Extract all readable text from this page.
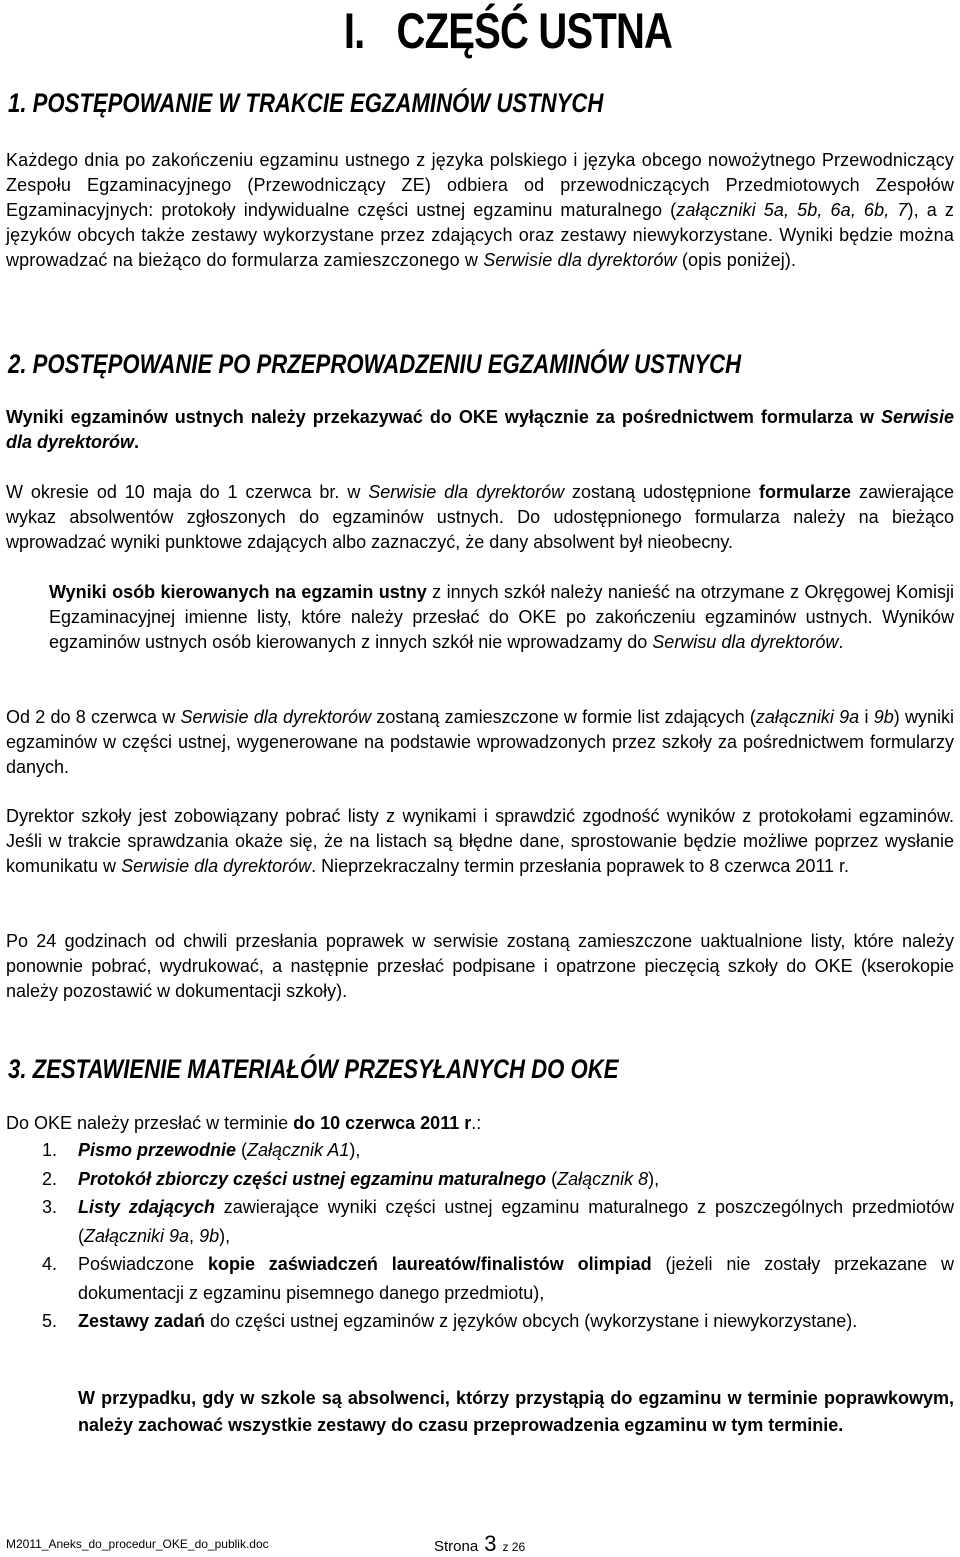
I. CZĘŚĆ USTNA
1. POSTĘPOWANIE W TRAKCIE EGZAMINÓW USTNYCH

Każdego dnia po zakończeniu egzaminu ustnego z języka polskiego i języka obcego nowożytnego Przewodniczący Zespołu Egzaminacyjnego (Przewodniczący ZE) odbiera od przewodniczących Przedmiotowych Zespołów Egzaminacyjnych: protokoły indywidualne części ustnej egzaminu maturalnego (załączniki 5a, 5b, 6a, 6b, 7), a z języków obcych także zestawy wykorzystane przez zdających oraz zestawy niewykorzystane. Wyniki będzie można wprowadzać na bieżąco do formularza zamieszczonego w Serwisie dla dyrektorów (opis poniżej).

2. POSTĘPOWANIE PO PRZEPROWADZENIU EGZAMINÓW USTNYCH

Wyniki egzaminów ustnych należy przekazywać do OKE wyłącznie za pośrednictwem formularza w Serwisie dla dyrektorów.

W okresie od 10 maja do 1 czerwca br. w Serwisie dla dyrektorów zostaną udostępnione formularze zawierające wykaz absolwentów zgłoszonych do egzaminów ustnych. Do udostępnionego formularza należy na bieżąco wprowadzać wyniki punktowe zdających albo zaznaczyć, że dany absolwent był nieobecny.

Wyniki osób kierowanych na egzamin ustny z innych szkół należy nanieść na otrzymane z Okręgowej Komisji Egzaminacyjnej imienne listy, które należy przesłać do OKE po zakończeniu egzaminów ustnych. Wyników egzaminów ustnych osób kierowanych z innych szkół nie wprowadzamy do Serwisu dla dyrektorów.

Od 2 do 8 czerwca w Serwisie dla dyrektorów zostaną zamieszczone w formie list zdających (załączniki 9a i 9b) wyniki egzaminów w części ustnej, wygenerowane na podstawie wprowadzonych przez szkoły za pośrednictwem formularzy danych.

Dyrektor szkoły jest zobowiązany pobrać listy z wynikami i sprawdzić zgodność wyników z protokołami egzaminów. Jeśli w trakcie sprawdzania okaże się, że na listach są błędne dane, sprostowanie będzie możliwe poprzez wysłanie komunikatu w Serwisie dla dyrektorów. Nieprzekraczalny termin przesłania poprawek to 8 czerwca 2011 r.

Po 24 godzinach od chwili przesłania poprawek w serwisie zostaną zamieszczone uaktualnione listy, które należy ponownie pobrać, wydrukować, a następnie przesłać podpisane i opatrzone pieczęcią szkoły do OKE (kserokopie należy pozostawić w dokumentacji szkoły).

3. ZESTAWIENIE MATERIAŁÓW PRZESYŁANYCH DO OKE

Do OKE należy przesłać w terminie do 10 czerwca 2011 r.:

1. Pismo przewodnie (Załącznik A1),
2. Protokół zbiorczy części ustnej egzaminu maturalnego (Załącznik 8),
3. Listy zdających zawierające wyniki części ustnej egzaminu maturalnego z poszczególnych przedmiotów (Załączniki 9a, 9b),
4. Poświadczone kopie zaświadczeń laureatów/finalistów olimpiad (jeżeli nie zostały przekazane w dokumentacji z egzaminu pisemnego danego przedmiotu),
5. Zestawy zadań do części ustnej egzaminów z języków obcych (wykorzystane i niewykorzystane).

W przypadku, gdy w szkole są absolwenci, którzy przystąpią do egzaminu w terminie poprawkowym, należy zachować wszystkie zestawy do czasu przeprowadzenia egzaminu w tym terminie.

M2011_Aneks_do_procedur_OKE_do_publik.doc	Strona 3 z 26
